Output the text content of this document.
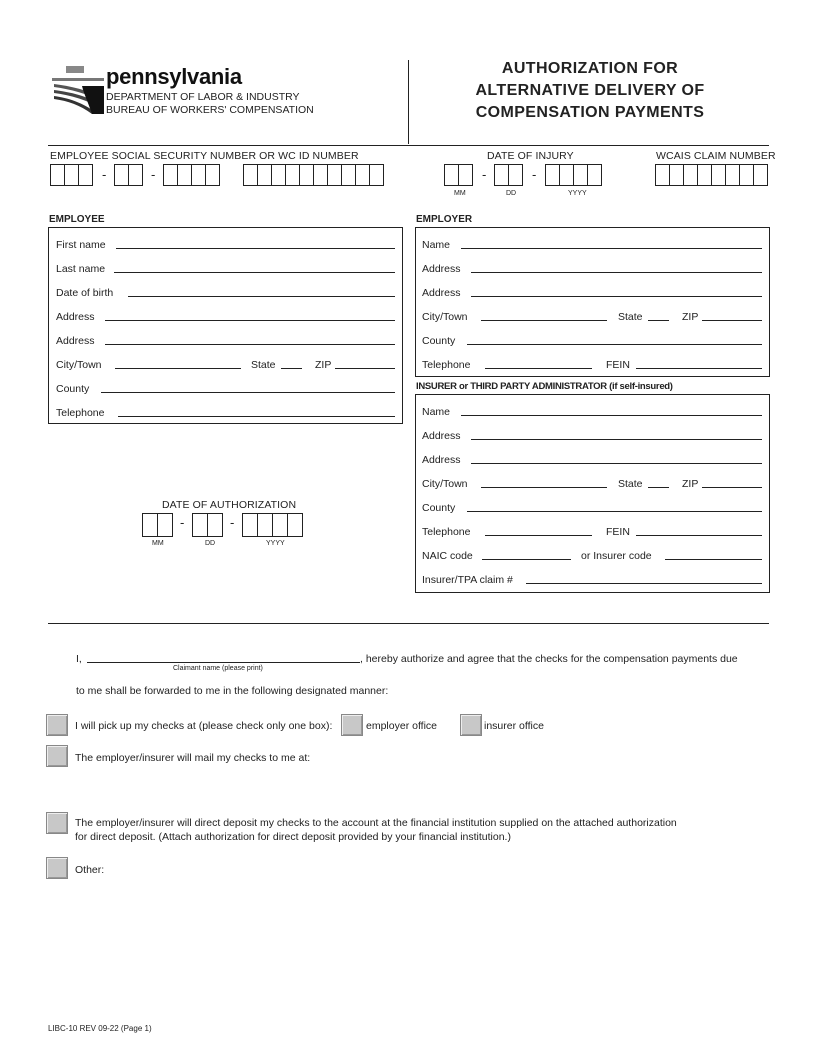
pennsylvania
DEPARTMENT OF LABOR & INDUSTRY
BUREAU OF WORKERS' COMPENSATION
AUTHORIZATION FOR
ALTERNATIVE DELIVERY OF
COMPENSATION PAYMENTS
EMPLOYEE SOCIAL SECURITY NUMBER OR WC ID NUMBER	DATE OF INJURY	WCAIS CLAIM NUMBER
-	-	-	-
MM	DD	YYYY
EMPLOYEE
First name
Last name
Date of birth
Address
Address
City/Town	State	ZIP
County
Telephone
EMPLOYER
Name
Address
Address
City/Town	State	ZIP
County
Telephone	FEIN
INSURER or THIRD PARTY ADMINISTRATOR (if self-insured)
Name
Address
Address
City/Town	State	ZIP
County
Telephone	FEIN
NAIC code	or Insurer code
Insurer/TPA claim #
DATE OF AUTHORIZATION
-	-
MM	DD	YYYY
I,
Claimant name (please print)
, hereby authorize and agree that the checks for the compensation payments due
to me shall be forwarded to me in the following designated manner:
I will pick up my checks at (please check only one box):	employer office	insurer office
The employer/insurer will mail my checks to me at:
The employer/insurer will direct deposit my checks to the account at the financial institution supplied on the attached authorization
for direct deposit. (Attach authorization for direct deposit provided by your financial institution.)
Other:
LIBC-10 REV 09-22 (Page 1)
